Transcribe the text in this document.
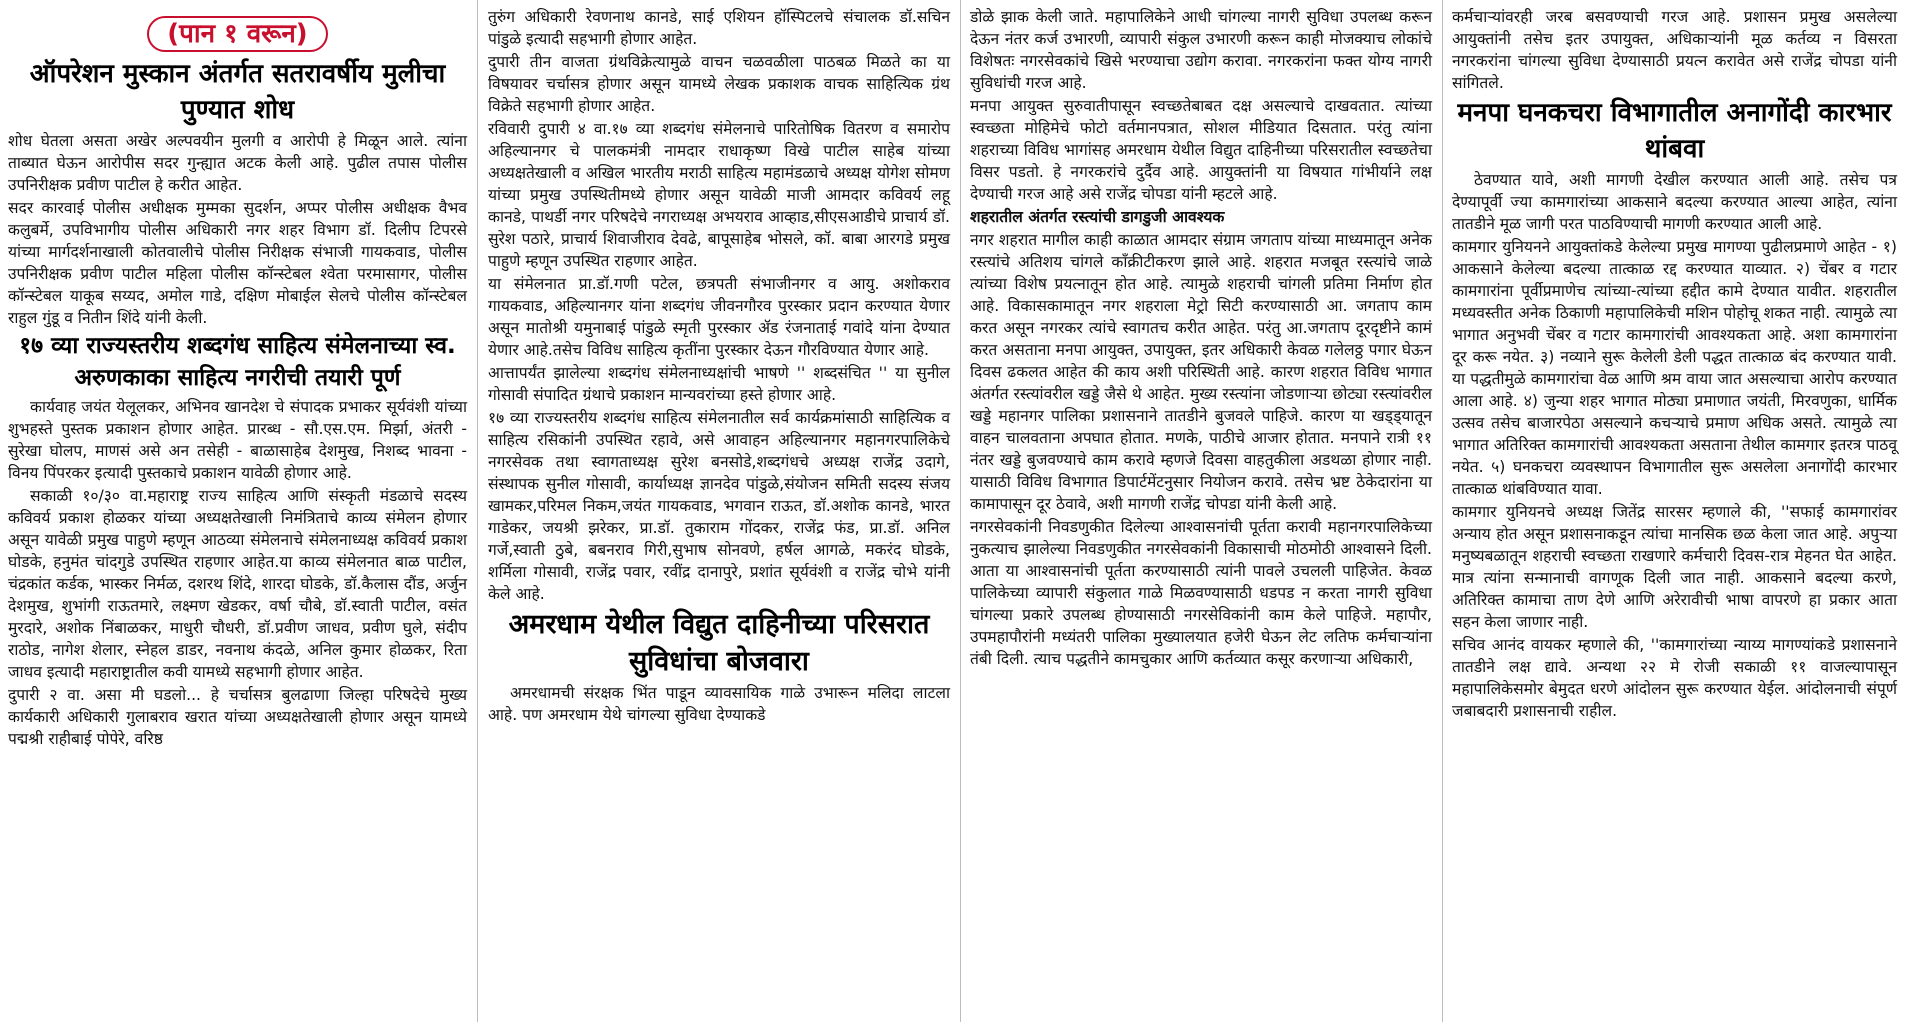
(पान १ वरून)
ऑपरेशन मुस्कान अंतर्गत सतरावर्षीय मुलीचा पुण्यात शोध

शोध घेतला असता अखेर अल्पवयीन मुलगी व आरोपी हे मिळून आले. त्यांना ताब्यात घेऊन आरोपीस सदर गुन्ह्यात अटक केली आहे. पुढील तपास पोलीस उपनिरीक्षक प्रवीण पाटील हे करीत आहेत.

सदर कारवाई पोलीस अधीक्षक मुम्मका सुदर्शन, अप्पर पोलीस अधीक्षक वैभव कलुबर्मे, उपविभागीय पोलीस अधिकारी नगर शहर विभाग डॉ. दिलीप टिपरसे यांच्या मार्गदर्शनाखाली कोतवालीचे पोलीस निरीक्षक संभाजी गायकवाड, पोलीस उपनिरीक्षक प्रवीण पाटील महिला पोलीस कॉन्स्टेबल श्वेता परमासागर, पोलीस कॉन्स्टेबल याकूब सय्यद, अमोल गाडे, दक्षिण मोबाईल सेलचे पोलीस कॉन्स्टेबल राहुल गुंडू व नितीन शिंदे यांनी केली.

१७ व्या राज्यस्तरीय शब्दगंध साहित्य संमेलनाच्या स्व. अरुणकाका साहित्य नगरीची तयारी पूर्ण

कार्यवाह जयंत येलूलकर, अभिनव खानदेश चे संपादक प्रभाकर सूर्यवंशी यांच्या शुभहस्ते पुस्तक प्रकाशन होणार आहेत. प्रारब्ध - सौ.एस.एम. मिर्झा, अंतरी - सुरेखा घोलप, माणसं असे अन तसेही - बाळासाहेब देशमुख, निशब्द भावना - विनय पिंपरकर इत्यादी पुस्तकाचे प्रकाशन यावेळी होणार आहे.

सकाळी १०/३० वा.महाराष्ट्र राज्य साहित्य आणि संस्कृती मंडळाचे सदस्य कविवर्य प्रकाश होळकर यांच्या अध्यक्षतेखाली निमंत्रिताचे काव्य संमेलन होणार असून यावेळी प्रमुख पाहुणे म्हणून आठव्या संमेलनाचे संमेलनाध्यक्ष कविवर्य प्रकाश घोडके, हनुमंत चांदगुडे उपस्थित राहणार आहेत.या काव्य संमेलनात बाळ पाटील, चंद्रकांत कर्डक, भास्कर निर्मळ, दशरथ शिंदे, शारदा घोडके, डॉ.कैलास दौंड, अर्जुन देशमुख, शुभांगी राऊतमारे, लक्ष्मण खेडकर, वर्षा चौबे, डॉ.स्वाती पाटील, वसंत मुरदारे, अशोक निंबाळकर, माधुरी चौधरी, डॉ.प्रवीण जाधव, प्रवीण घुले, संदीप राठोड, नागेश शेलार, स्नेहल डाडर, नवनाथ कंदळे, अनिल कुमार होळकर, रिता जाधव इत्यादी महाराष्ट्रातील कवी यामध्ये सहभागी होणार आहेत.

दुपारी २ वा. असा मी घडलो... हे चर्चासत्र बुलढाणा जिल्हा परिषदेचे मुख्य कार्यकारी अधिकारी गुलाबराव खरात यांच्या अध्यक्षतेखाली होणार असून यामध्ये पद्मश्री राहीबाई पोपेरे, वरिष्ठ

तुरुंग अधिकारी रेवणनाथ कानडे, साई एशियन हॉस्पिटलचे संचालक डॉ.सचिन पांडुळे इत्यादी सहभागी होणार आहेत.

दुपारी तीन वाजता ग्रंथविक्रेत्यामुळे वाचन चळवळीला पाठबळ मिळते का या विषयावर चर्चासत्र होणार असून यामध्ये लेखक प्रकाशक वाचक साहित्यिक ग्रंथ विक्रेते सहभागी होणार आहेत.

रविवारी दुपारी ४ वा.१७ व्या शब्दगंध संमेलनाचे पारितोषिक वितरण व समारोप अहिल्यानगर चे पालकमंत्री नामदार राधाकृष्ण विखे पाटील साहेब यांच्या अध्यक्षतेखाली व अखिल भारतीय मराठी साहित्य महामंडळाचे अध्यक्ष योगेश सोमण यांच्या प्रमुख उपस्थितीमध्ये होणार असून यावेळी माजी आमदार कविवर्य लहू कानडे, पाथर्डी नगर परिषदेचे नगराध्यक्ष अभयराव आव्हाड,सीएसआडीचे प्राचार्य डॉ. सुरेश पठारे, प्राचार्य शिवाजीराव देवढे, बापूसाहेब भोसले, कॉ. बाबा आरगडे प्रमुख पाहुणे म्हणून उपस्थित राहणार आहेत.

या संमेलनात प्रा.डॉ.गणी पटेल, छत्रपती संभाजीनगर व आयु. अशोकराव गायकवाड, अहिल्यानगर यांना शब्दगंध जीवनगौरव पुरस्कार प्रदान करण्यात येणार असून मातोश्री यमुनाबाई पांडुळे स्मृती पुरस्कार ॲड रंजनाताई गवांदे यांना देण्यात येणार आहे.तसेच विविध साहित्य कृतींना पुरस्कार देऊन गौरविण्यात येणार आहे.

आत्तापर्यंत झालेल्या शब्दगंध संमेलनाध्यक्षांची भाषणे '' शब्दसंचित '' या सुनील गोसावी संपादित ग्रंथाचे प्रकाशन मान्यवरांच्या हस्ते होणार आहे.

१७ व्या राज्यस्तरीय शब्दगंध साहित्य संमेलनातील सर्व कार्यक्रमांसाठी साहित्यिक व साहित्य रसिकांनी उपस्थित रहावे, असे आवाहन अहिल्यानगर महानगरपालिकेचे नगरसेवक तथा स्वागताध्यक्ष सुरेश बनसोडे,शब्दगंधचे अध्यक्ष राजेंद्र उदागे, संस्थापक सुनील गोसावी, कार्याध्यक्ष ज्ञानदेव पांडुळे,संयोजन समिती सदस्य संजय खामकर,परिमल निकम,जयंत गायकवाड, भगवान राऊत, डॉ.अशोक कानडे, भारत गाडेकर, जयश्री झरेकर, प्रा.डॉ. तुकाराम गोंदकर, राजेंद्र फंड, प्रा.डॉ. अनिल गर्जे,स्वाती ठुबे, बबनराव गिरी,सुभाष सोनवणे, हर्षल आगळे, मकरंद घोडके, शर्मिला गोसावी, राजेंद्र पवार, रवींद्र दानापुरे, प्रशांत सूर्यवंशी व राजेंद्र चोभे यांनी केले आहे.

अमरधाम येथील विद्युत दाहिनीच्या परिसरात सुविधांचा बोजवारा

अमरधामची संरक्षक भिंत पाडून व्यावसायिक गाळे उभारून मलिदा लाटला आहे. पण अमरधाम येथे चांगल्या सुविधा देण्याकडे

डोळे झाक केली जाते. महापालिकेने आधी चांगल्या नागरी सुविधा उपलब्ध करून देऊन नंतर कर्ज उभारणी, व्यापारी संकुल उभारणी करून काही मोजक्याच लोकांचे विशेषतः नगरसेवकांचे खिसे भरण्याचा उद्योग करावा. नगरकरांना फक्त योग्य नागरी सुविधांची गरज आहे.

मनपा आयुक्त सुरुवातीपासून स्वच्छतेबाबत दक्ष असल्याचे दाखवतात. त्यांच्या स्वच्छता मोहिमेचे फोटो वर्तमानपत्रात, सोशल मीडियात दिसतात. परंतु त्यांना शहराच्या विविध भागांसह अमरधाम येथील विद्युत दाहिनीच्या परिसरातील स्वच्छतेचा विसर पडतो. हे नगरकरांचे दुर्दैव आहे. आयुक्तांनी या विषयात गांभीर्याने लक्ष देण्याची गरज आहे असे राजेंद्र चोपडा यांनी म्हटले आहे.

शहरातील अंतर्गत रस्त्यांची डागडुजी आवश्यक

नगर शहरात मागील काही काळात आमदार संग्राम जगताप यांच्या माध्यमातून अनेक रस्त्यांचे अतिशय चांगले काँक्रीटीकरण झाले आहे. शहरात मजबूत रस्त्यांचे जाळे त्यांच्या विशेष प्रयत्नातून होत आहे. त्यामुळे शहराची चांगली प्रतिमा निर्माण होत आहे. विकासकामातून नगर शहराला मेट्रो सिटी करण्यासाठी आ. जगताप काम करत असून नगरकर त्यांचे स्वागतच करीत आहेत. परंतु आ.जगताप दूरदृष्टीने कामं करत असताना मनपा आयुक्त, उपायुक्त, इतर अधिकारी केवळ गलेलठ्ठ पगार घेऊन दिवस ढकलत आहेत की काय अशी परिस्थिती आहे. कारण शहरात विविध भागात अंतर्गत रस्त्यांवरील खड्डे जैसे थे आहेत. मुख्य रस्त्यांना जोडणाऱ्या छोट्या रस्त्यांवरील खड्डे महानगर पालिका प्रशासनाने तातडीने बुजवले पाहिजे. कारण या खड्ड्यातून वाहन चालवताना अपघात होतात. मणके, पाठीचे आजार होतात. मनपाने रात्री ११ नंतर खड्डे बुजवण्याचे काम करावे म्हणजे दिवसा वाहतुकीला अडथळा होणार नाही. यासाठी विविध विभागात डिपार्टमेंटनुसार नियोजन करावे. तसेच भ्रष्ट ठेकेदारांना या कामापासून दूर ठेवावे, अशी मागणी राजेंद्र चोपडा यांनी केली आहे.

नगरसेवकांनी निवडणुकीत दिलेल्या आश्वासनांची पूर्तता करावी महानगरपालिकेच्या नुकत्याच झालेल्या निवडणुकीत नगरसेवकांनी विकासाची मोठमोठी आश्वासने दिली. आता या आश्वासनांची पूर्तता करण्यासाठी त्यांनी पावले उचलली पाहिजेत. केवळ पालिकेच्या व्यापारी संकुलात गाळे मिळवण्यासाठी धडपड न करता नागरी सुविधा चांगल्या प्रकारे उपलब्ध होण्यासाठी नगरसेविकांनी काम केले पाहिजे. महापौर, उपमहापौरांनी मध्यंतरी पालिका मुख्यालयात हजेरी घेऊन लेट लतिफ कर्मचाऱ्यांना तंबी दिली. त्याच पद्धतीने कामचुकार आणि कर्तव्यात कसूर करणाऱ्या अधिकारी,

कर्मचाऱ्यांवरही जरब बसवण्याची गरज आहे. प्रशासन प्रमुख असलेल्या आयुक्तांनी तसेच इतर उपायुक्त, अधिकाऱ्यांनी मूळ कर्तव्य न विसरता नगरकरांना चांगल्या सुविधा देण्यासाठी प्रयत्न करावेत असे राजेंद्र चोपडा यांनी सांगितले.

मनपा घनकचरा विभागातील अनागोंदी कारभार थांबवा

ठेवण्यात यावे, अशी मागणी देखील करण्यात आली आहे. तसेच पत्र देण्यापूर्वी ज्या कामगारांच्या आकसाने बदल्या करण्यात आल्या आहेत, त्यांना तातडीने मूळ जागी परत पाठविण्याची मागणी करण्यात आली आहे.

कामगार युनियनने आयुक्तांकडे केलेल्या प्रमुख मागण्या पुढीलप्रमाणे आहेत - १) आकसाने केलेल्या बदल्या तात्काळ रद्द करण्यात याव्यात. २) चेंबर व गटार कामगारांना पूर्वीप्रमाणेच त्यांच्या-त्यांच्या हद्दीत कामे देण्यात यावीत. शहरातील मध्यवस्तीत अनेक ठिकाणी महापालिकेची मशिन पोहोचू शकत नाही. त्यामुळे त्या भागात अनुभवी चेंबर व गटार कामगारांची आवश्यकता आहे. अशा कामगारांना दूर करू नयेत. ३) नव्याने सुरू केलेली डेली पद्धत तात्काळ बंद करण्यात यावी. या पद्धतीमुळे कामगारांचा वेळ आणि श्रम वाया जात असल्याचा आरोप करण्यात आला आहे. ४) जुन्या शहर भागात मोठ्या प्रमाणात जयंती, मिरवणुका, धार्मिक उत्सव तसेच बाजारपेठा असल्याने कचऱ्याचे प्रमाण अधिक असते. त्यामुळे त्या भागात अतिरिक्त कामगारांची आवश्यकता असताना तेथील कामगार इतरत्र पाठवू नयेत. ५) घनकचरा व्यवस्थापन विभागातील सुरू असलेला अनागोंदी कारभार तात्काळ थांबविण्यात यावा.

कामगार युनियनचे अध्यक्ष जितेंद्र सारसर म्हणाले की, ''सफाई कामगारांवर अन्याय होत असून प्रशासनाकडून त्यांचा मानसिक छळ केला जात आहे. अपुऱ्या मनुष्यबळातून शहराची स्वच्छता राखणारे कर्मचारी दिवस-रात्र मेहनत घेत आहेत. मात्र त्यांना सन्मानाची वागणूक दिली जात नाही. आकसाने बदल्या करणे, अतिरिक्त कामाचा ताण देणे आणि अरेरावीची भाषा वापरणे हा प्रकार आता सहन केला जाणार नाही.

सचिव आनंद वायकर म्हणाले की, ''कामगारांच्या न्याय्य मागण्यांकडे प्रशासनाने तातडीने लक्ष द्यावे. अन्यथा २२ मे रोजी सकाळी ११ वाजल्यापासून महापालिकेसमोर बेमुदत धरणे आंदोलन सुरू करण्यात येईल. आंदोलनाची संपूर्ण जबाबदारी प्रशासनाची राहील.
